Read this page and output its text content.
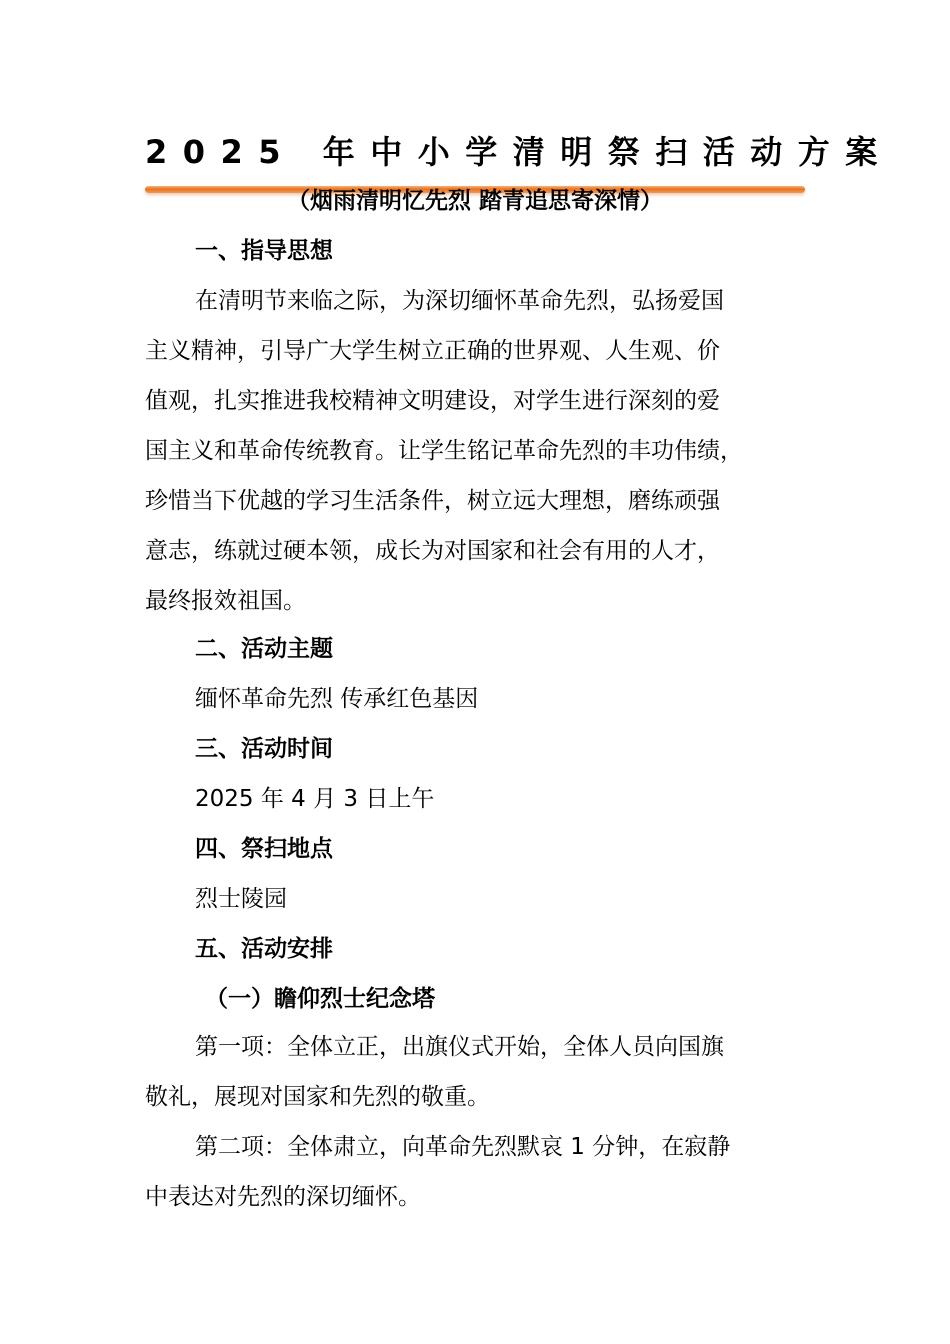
2025 年中小学清明祭扫活动方案
（烟雨清明忆先烈 踏青追思寄深情）
一、指导思想
在清明节来临之际，为深切缅怀革命先烈，弘扬爱国
主义精神，引导广大学生树立正确的世界观、人生观、价
值观，扎实推进我校精神文明建设，对学生进行深刻的爱
国主义和革命传统教育。让学生铭记革命先烈的丰功伟绩，
珍惜当下优越的学习生活条件，树立远大理想，磨练顽强
意志，练就过硬本领，成长为对国家和社会有用的人才，
最终报效祖国。
二、活动主题
缅怀革命先烈 传承红色基因
三、活动时间
2025 年 4 月 3 日上午
四、祭扫地点
烈士陵园
五、活动安排
（一）瞻仰烈士纪念塔
第一项：全体立正，出旗仪式开始，全体人员向国旗
敬礼，展现对国家和先烈的敬重。
第二项：全体肃立，向革命先烈默哀 1 分钟，在寂静
中表达对先烈的深切缅怀。
